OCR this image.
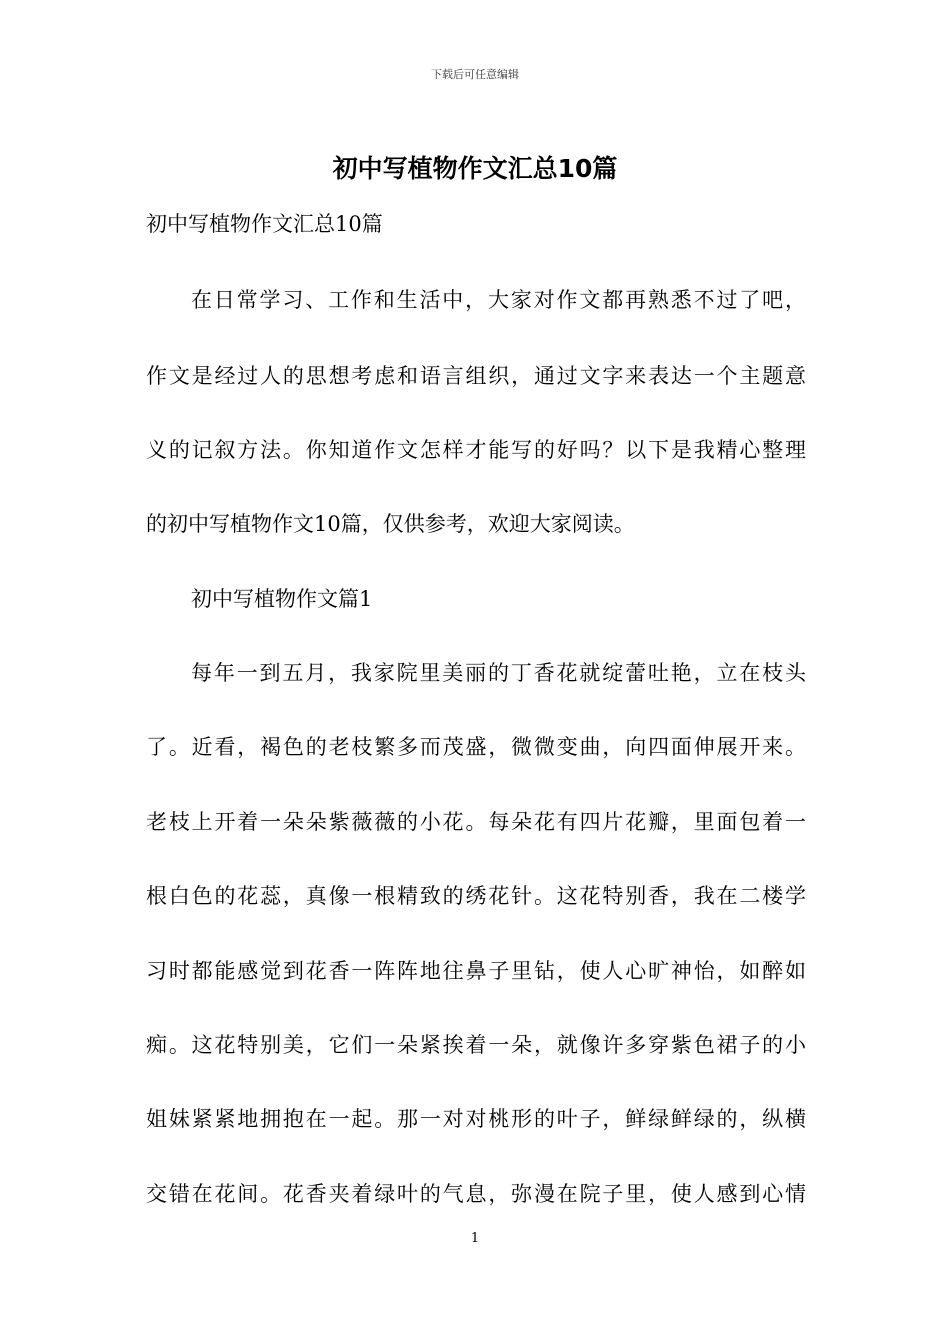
下载后可任意编辑
初中写植物作文汇总10篇
初中写植物作文汇总10篇
在日常学习、工作和生活中，大家对作文都再熟悉不过了吧，
作文是经过人的思想考虑和语言组织，通过文字来表达一个主题意
义的记叙方法。你知道作文怎样才能写的好吗？以下是我精心整理
的初中写植物作文10篇，仅供参考，欢迎大家阅读。
初中写植物作文篇1
每年一到五月，我家院里美丽的丁香花就绽蕾吐艳，立在枝头
了。近看，褐色的老枝繁多而茂盛，微微变曲，向四面伸展开来。
老枝上开着一朵朵紫薇薇的小花。每朵花有四片花瓣，里面包着一
根白色的花蕊，真像一根精致的绣花针。这花特别香，我在二楼学
习时都能感觉到花香一阵阵地往鼻子里钻，使人心旷神怡，如醉如
痴。这花特别美，它们一朵紧挨着一朵，就像许多穿紫色裙子的小
姐妹紧紧地拥抱在一起。那一对对桃形的叶子，鲜绿鲜绿的，纵横
交错在花间。花香夹着绿叶的气息，弥漫在院子里，使人感到心情
1
